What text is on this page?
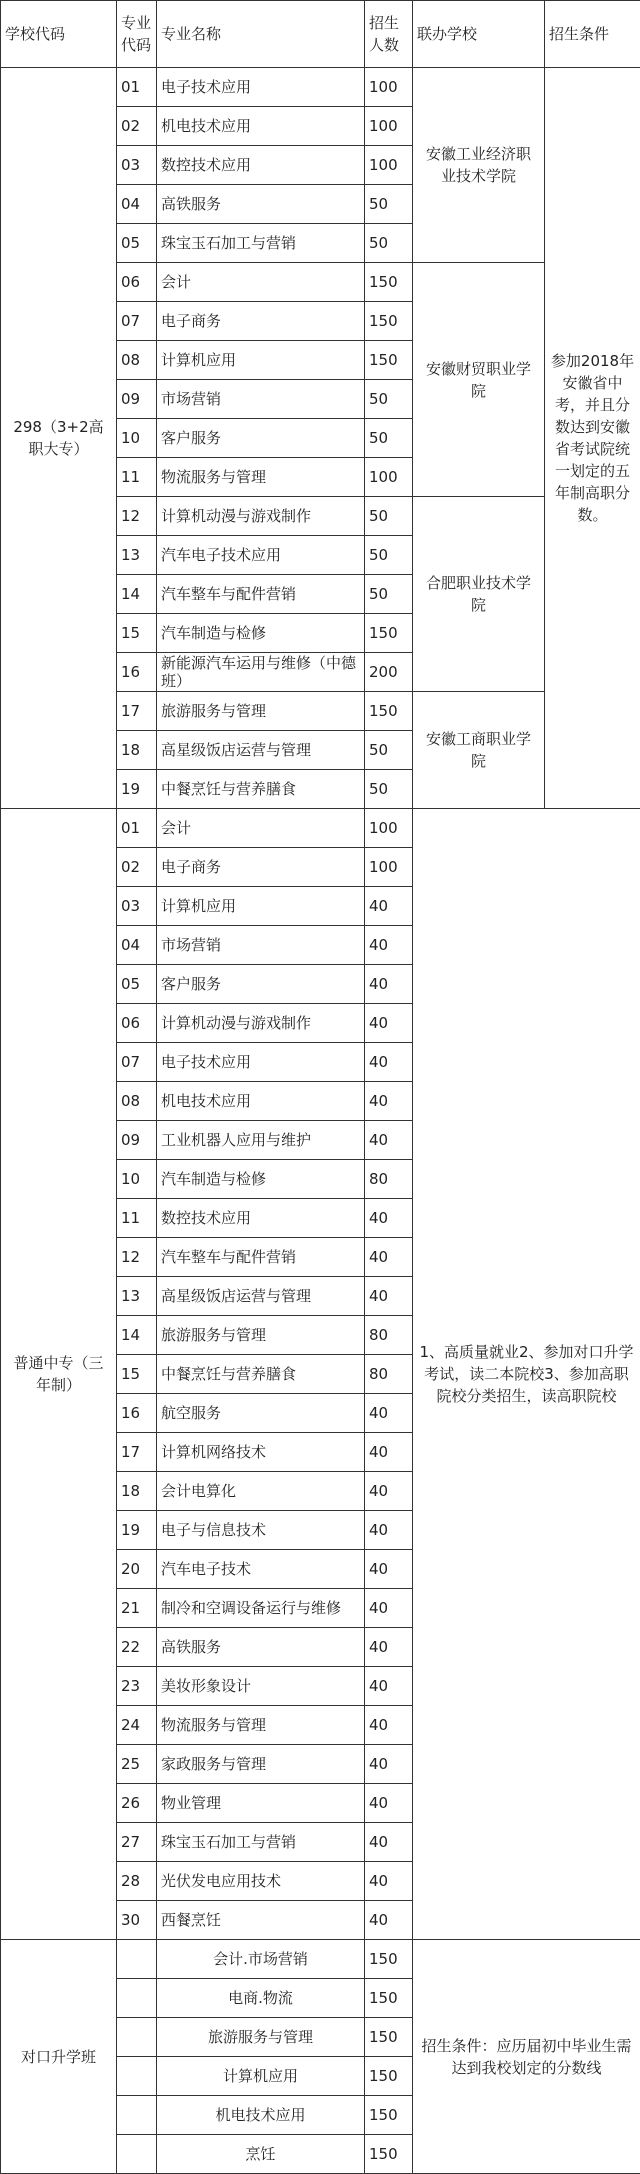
学校代码	专业代码	专业名称	招生人数	联办学校	招生条件
298（3+2高职大专）	01	电子技术应用	100	安徽工业经济职业技术学院	参加2018年安徽省中考，并且分数达到安徽省考试院统一划定的五年制高职分数。
	02	机电技术应用	100		
	03	数控技术应用	100		
	04	高铁服务	50		
	05	珠宝玉石加工与营销	50		
	06	会计	150	安徽财贸职业学院	
	07	电子商务	150		
	08	计算机应用	150		
	09	市场营销	50		
	10	客户服务	50		
	11	物流服务与管理	100		
	12	计算机动漫与游戏制作	50	合肥职业技术学院	
	13	汽车电子技术应用	50		
	14	汽车整车与配件营销	50		
	15	汽车制造与检修	150		
	16	新能源汽车运用与维修（中德班）	200		
	17	旅游服务与管理	150	安徽工商职业学院	
	18	高星级饭店运营与管理	50		
	19	中餐烹饪与营养膳食	50		
普通中专（三年制）	01	会计	100	1、高质量就业2、参加对口升学考试，读二本院校3、参加高职院校分类招生，读高职院校	
	02	电子商务	100		
	03	计算机应用	40		
	04	市场营销	40		
	05	客户服务	40		
	06	计算机动漫与游戏制作	40		
	07	电子技术应用	40		
	08	机电技术应用	40		
	09	工业机器人应用与维护	40		
	10	汽车制造与检修	80		
	11	数控技术应用	40		
	12	汽车整车与配件营销	40		
	13	高星级饭店运营与管理	40		
	14	旅游服务与管理	80		
	15	中餐烹饪与营养膳食	80		
	16	航空服务	40		
	17	计算机网络技术	40		
	18	会计电算化	40		
	19	电子与信息技术	40		
	20	汽车电子技术	40		
	21	制冷和空调设备运行与维修	40		
	22	高铁服务	40		
	23	美妆形象设计	40		
	24	物流服务与管理	40		
	25	家政服务与管理	40		
	26	物业管理	40		
	27	珠宝玉石加工与营销	40		
	28	光伏发电应用技术	40		
	30	西餐烹饪	40		
对口升学班		会计.市场营销	150	招生条件：应历届初中毕业生需达到我校划定的分数线	
		电商.物流	150		
		旅游服务与管理	150		
		计算机应用	150		
		机电技术应用	150		
		烹饪	150		
